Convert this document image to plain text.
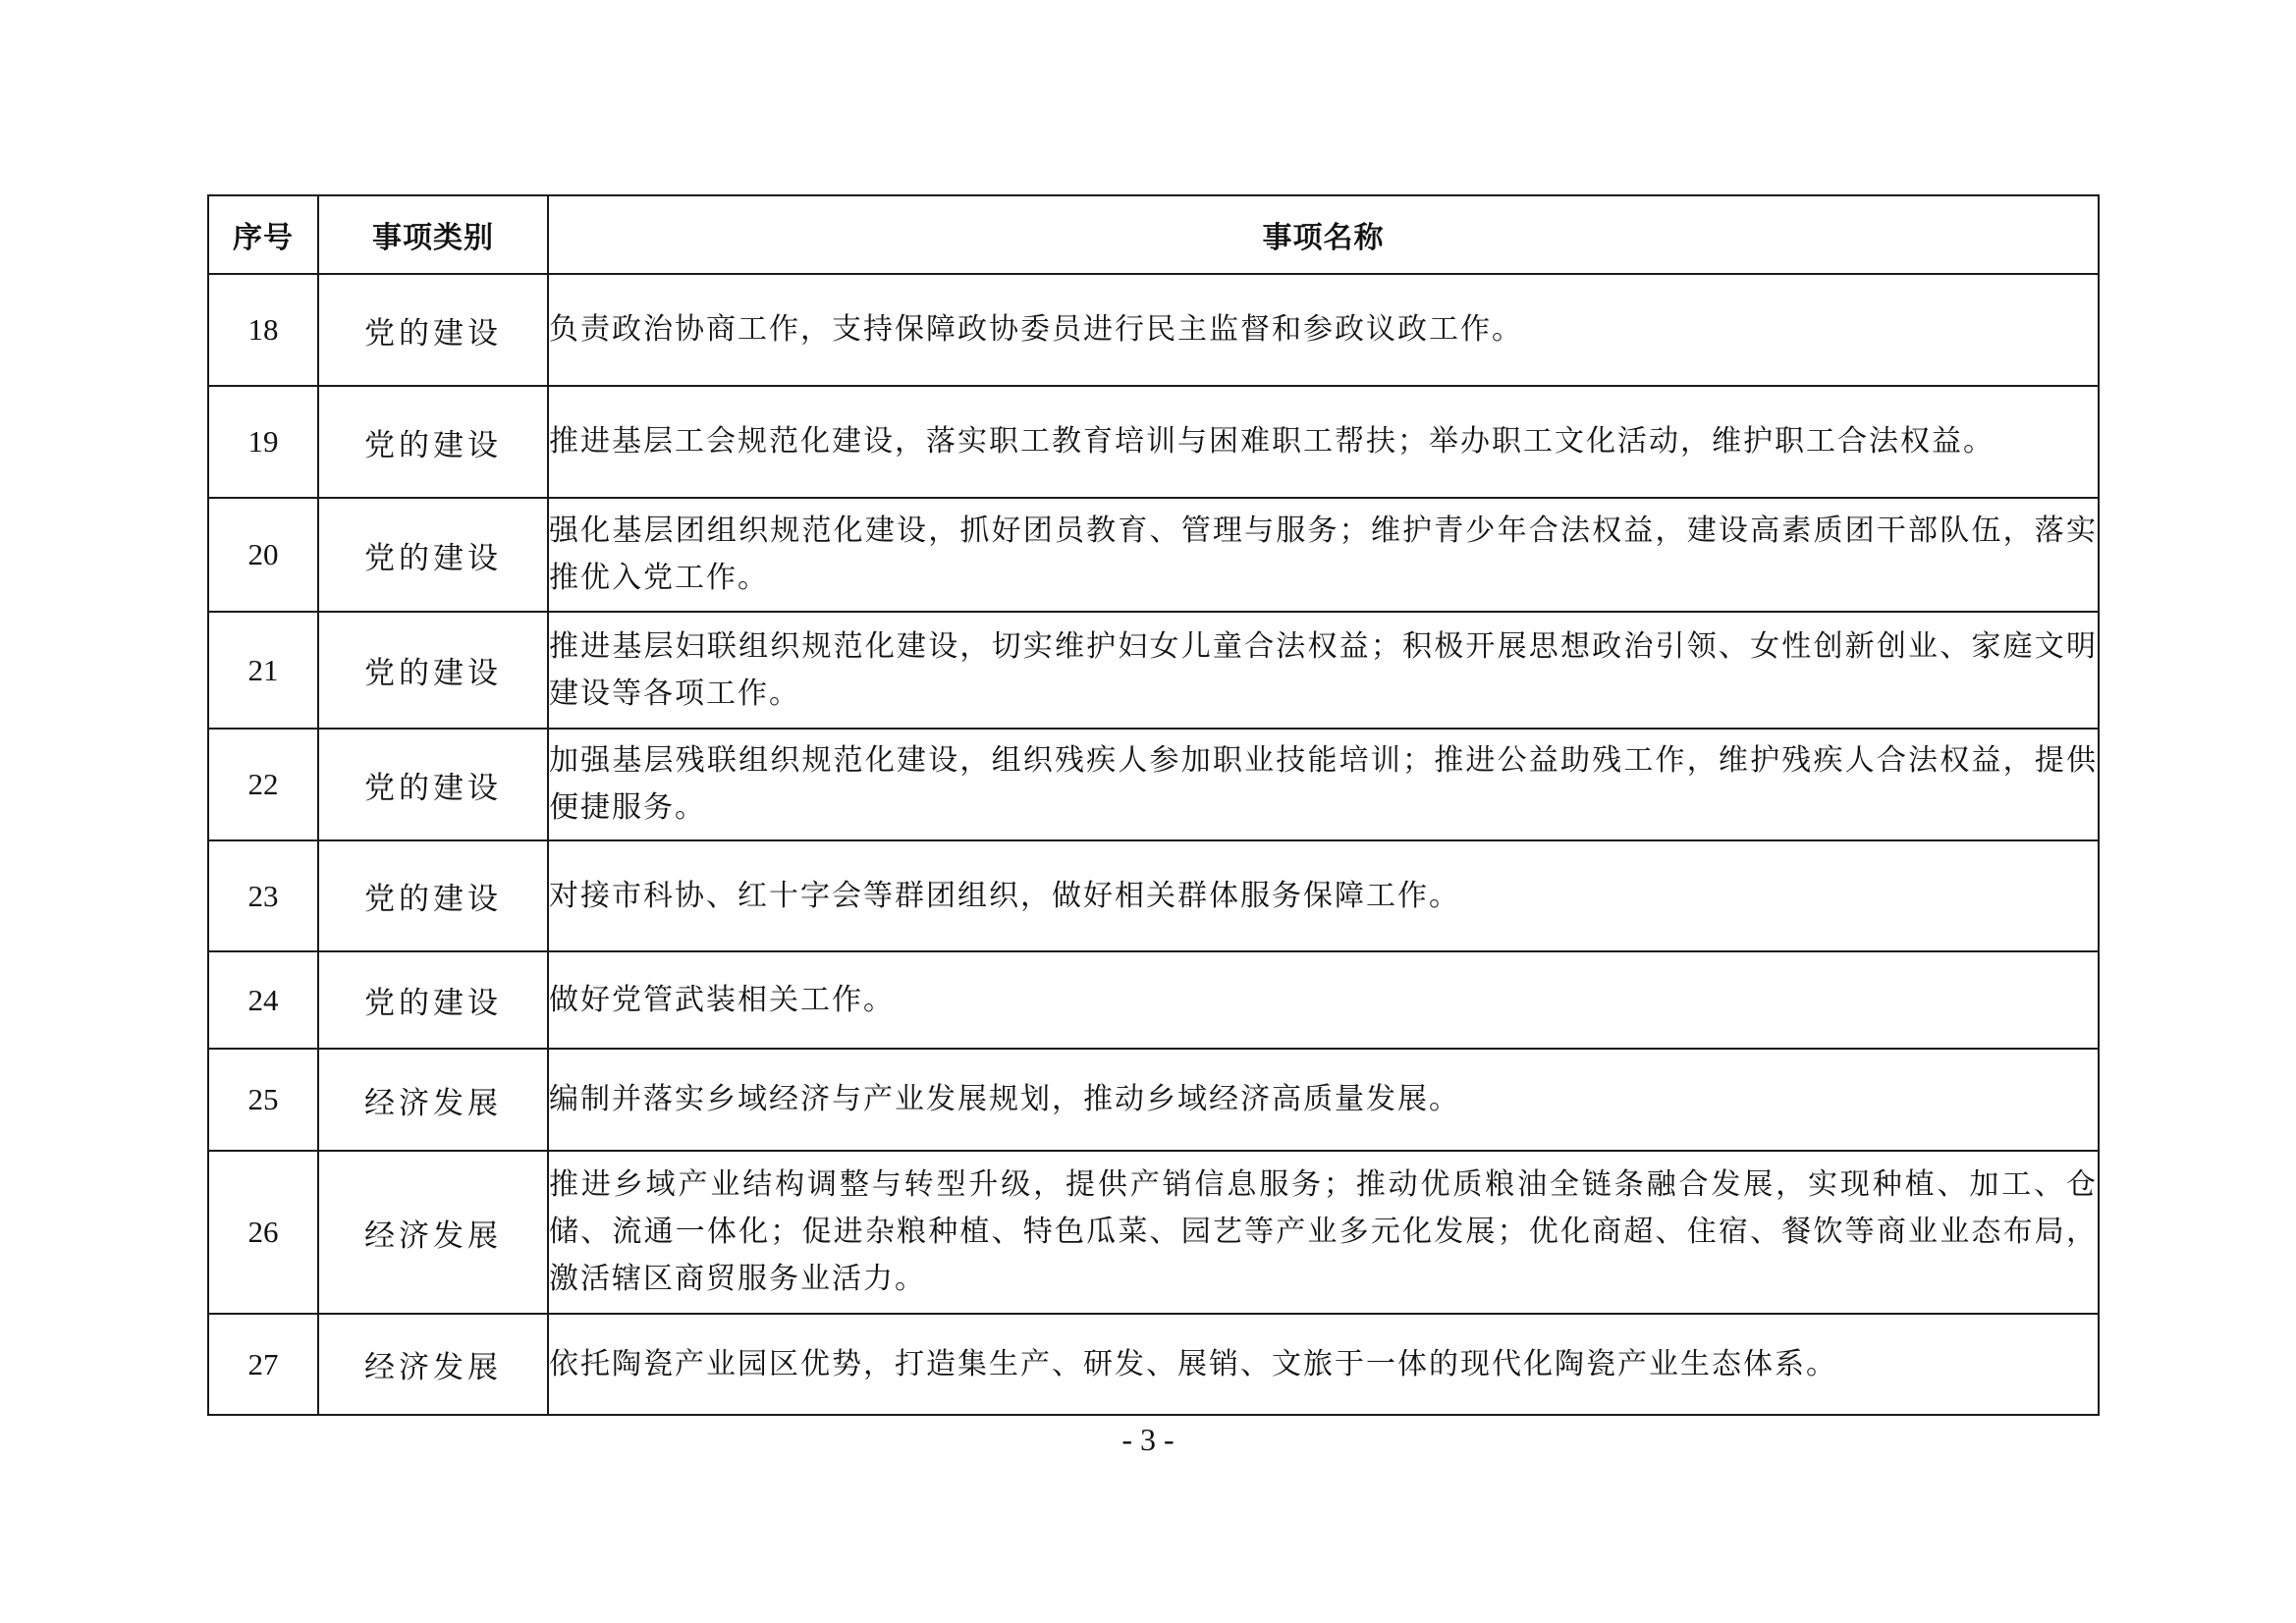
序号	事项类别	事项名称
18	党的建设	负责政治协商工作，支持保障政协委员进行民主监督和参政议政工作。
19	党的建设	推进基层工会规范化建设，落实职工教育培训与困难职工帮扶；举办职工文化活动，维护职工合法权益。
20	党的建设	强化基层团组织规范化建设，抓好团员教育、管理与服务；维护青少年合法权益，建设高素质团干部队伍，落实推优入党工作。
21	党的建设	推进基层妇联组织规范化建设，切实维护妇女儿童合法权益；积极开展思想政治引领、女性创新创业、家庭文明建设等各项工作。
22	党的建设	加强基层残联组织规范化建设，组织残疾人参加职业技能培训；推进公益助残工作，维护残疾人合法权益，提供便捷服务。
23	党的建设	对接市科协、红十字会等群团组织，做好相关群体服务保障工作。
24	党的建设	做好党管武装相关工作。
25	经济发展	编制并落实乡域经济与产业发展规划，推动乡域经济高质量发展。
26	经济发展	推进乡域产业结构调整与转型升级，提供产销信息服务；推动优质粮油全链条融合发展，实现种植、加工、仓储、流通一体化；促进杂粮种植、特色瓜菜、园艺等产业多元化发展；优化商超、住宿、餐饮等商业业态布局，激活辖区商贸服务业活力。
27	经济发展	依托陶瓷产业园区优势，打造集生产、研发、展销、文旅于一体的现代化陶瓷产业生态体系。
- 3 -
